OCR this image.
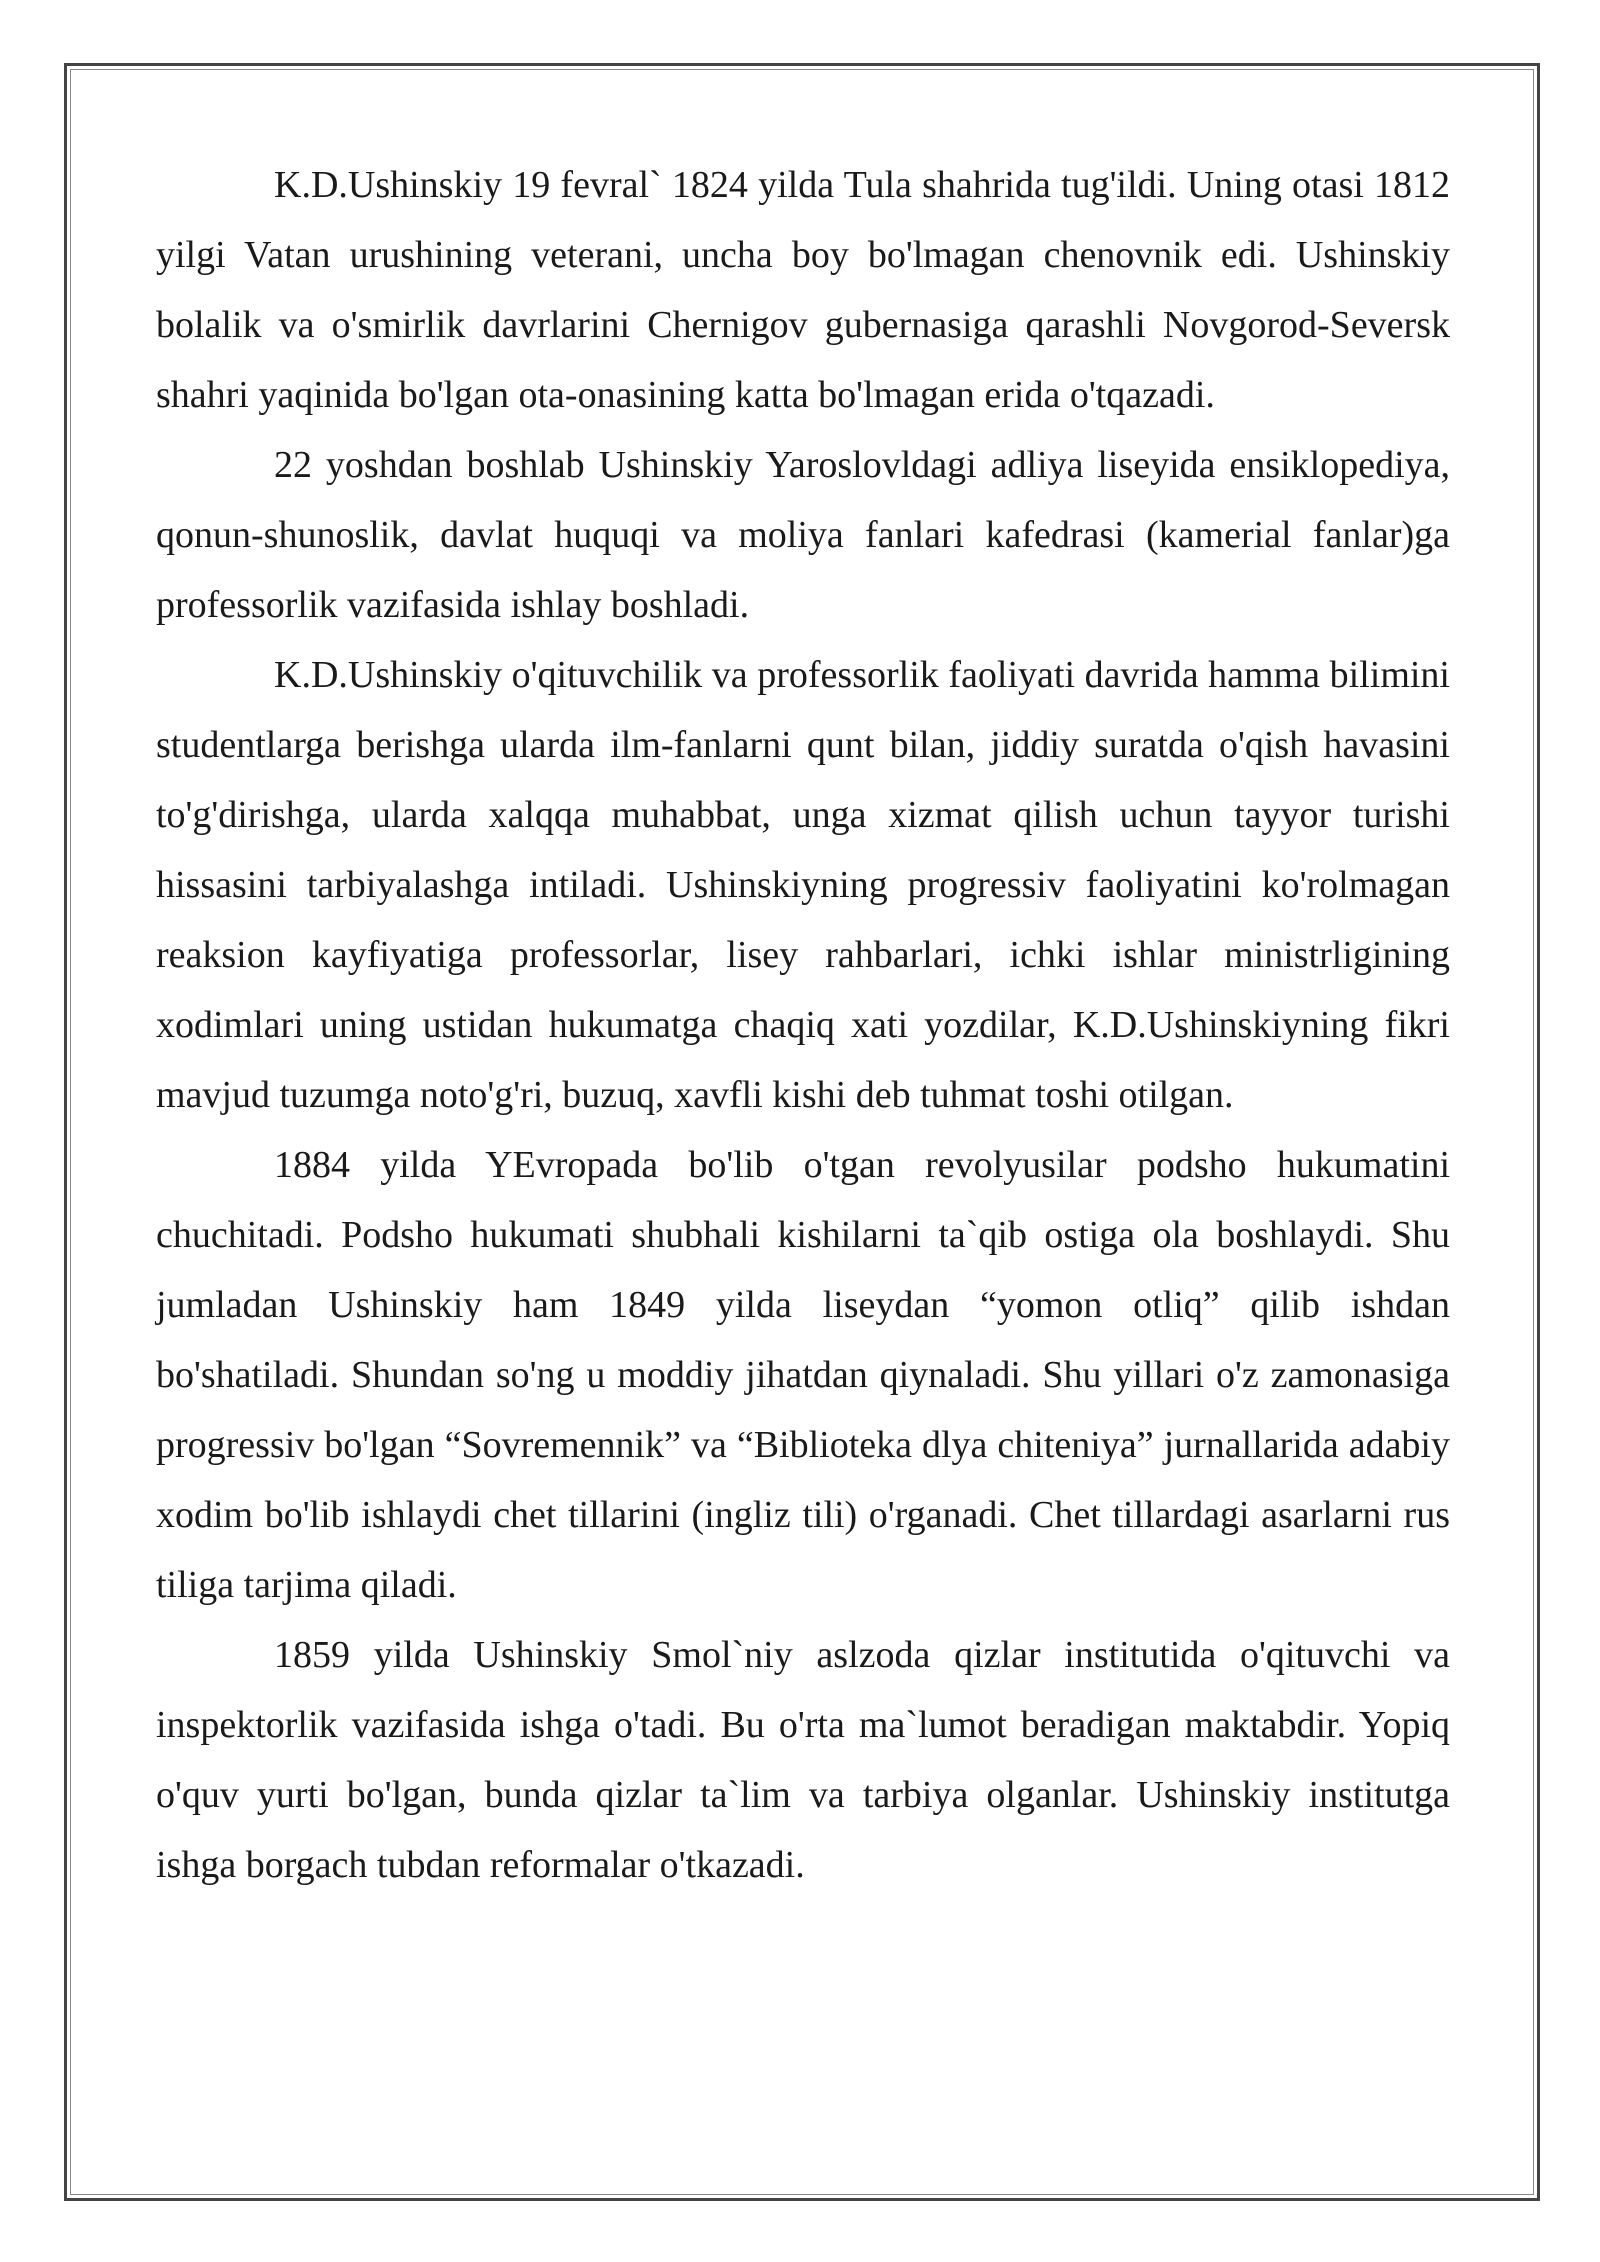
K.D.Ushinskiy 19 fevral` 1824 yilda Tula shahrida tug'ildi. Uning otasi 1812 yilgi Vatan urushining veterani, uncha boy bo'lmagan chenovnik edi. Ushinskiy bolalik va o'smirlik davrlarini Chernigov gubernasiga qarashli Novgorod-Seversk shahri yaqinida bo'lgan ota-onasining katta bo'lmagan erida o'tqazadi.

22 yoshdan boshlab Ushinskiy Yaroslovldagi adliya liseyida ensiklopediya, qonun-shunoslik, davlat huquqi va moliya fanlari kafedrasi (kamerial fanlar)ga professorlik vazifasida ishlay boshladi.

K.D.Ushinskiy o'qituvchilik va professorlik faoliyati davrida hamma bilimini studentlarga berishga ularda ilm-fanlarni qunt bilan, jiddiy suratda o'qish havasini to'g'dirishga, ularda xalqqa muhabbat, unga xizmat qilish uchun tayyor turishi hissasini tarbiyalashga intiladi. Ushinskiyning progressiv faoliyatini ko'rolmagan reaksion kayfiyatiga professorlar, lisey rahbarlari, ichki ishlar ministrligining xodimlari uning ustidan hukumatga chaqiq xati yozdilar, K.D.Ushinskiyning fikri mavjud tuzumga noto'g'ri, buzuq, xavfli kishi deb tuhmat toshi otilgan.

1884 yilda YEvropada bo'lib o'tgan revolyusilar podsho hukumatini chuchitadi. Podsho hukumati shubhali kishilarni ta`qib ostiga ola boshlaydi. Shu jumladan Ushinskiy ham 1849 yilda liseydan “yomon otliq” qilib ishdan bo'shatiladi. Shundan so'ng u moddiy jihatdan qiynaladi. Shu yillari o'z zamonasiga progressiv bo'lgan “Sovremennik” va “Biblioteka dlya chiteniya” jurnallarida adabiy xodim bo'lib ishlaydi chet tillarini (ingliz tili) o'rganadi. Chet tillardagi asarlarni rus tiliga tarjima qiladi.

1859 yilda Ushinskiy Smol`niy aslzoda qizlar institutida o'qituvchi va inspektorlik vazifasida ishga o'tadi. Bu o'rta ma`lumot beradigan maktabdir. Yopiq o'quv yurti bo'lgan, bunda qizlar ta`lim va tarbiya olganlar. Ushinskiy institutga ishga borgach tubdan reformalar o'tkazadi.
